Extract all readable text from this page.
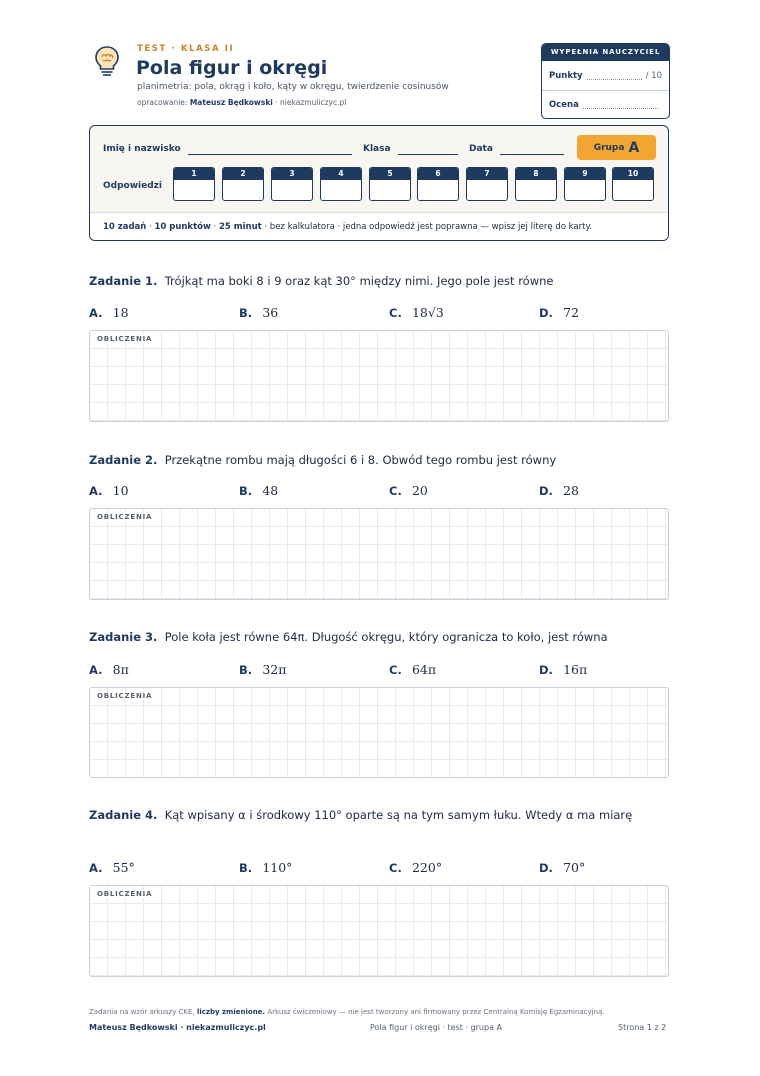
TEST · KLASA II
Pola figur i okręgi
planimetria: pola, okrąg i koło, kąty w okręgu, twierdzenie cosinusów
opracowanie: Mateusz Będkowski · niekazmuliczyc.pl
WYPEŁNIA NAUCZYCIEL
Punkty	/ 10
Ocena
Imię i nazwisko	Klasa	Data	Grupa A
Odpowiedzi
1	2	3	4	5	6	7	8	9	10
10 zadań · 10 punktów · 25 minut · bez kalkulatora · jedna odpowiedź jest poprawna — wpisz jej literę do karty.
Zadanie 1. Trójkąt ma boki 8 i 9 oraz kąt 30° między nimi. Jego pole jest równe
A. 18	B. 36	C. 18√3	D. 72
OBLICZENIA
Zadanie 2. Przekątne rombu mają długości 6 i 8. Obwód tego rombu jest równy
A. 10	B. 48	C. 20	D. 28
OBLICZENIA
Zadanie 3. Pole koła jest równe 64π. Długość okręgu, który ogranicza to koło, jest równa
A. 8π	B. 32π	C. 64π	D. 16π
OBLICZENIA
Zadanie 4. Kąt wpisany α i środkowy 110° oparte są na tym samym łuku. Wtedy α ma miarę
A. 55°	B. 110°	C. 220°	D. 70°
OBLICZENIA
Zadania na wzór arkuszy CKE, liczby zmienione. Arkusz ćwiczeniowy — nie jest tworzony ani firmowany przez Centralną Komisję Egzaminacyjną.
Mateusz Będkowski · niekazmuliczyc.pl	Pola figur i okręgi · test · grupa A	Strona 1 z 2
